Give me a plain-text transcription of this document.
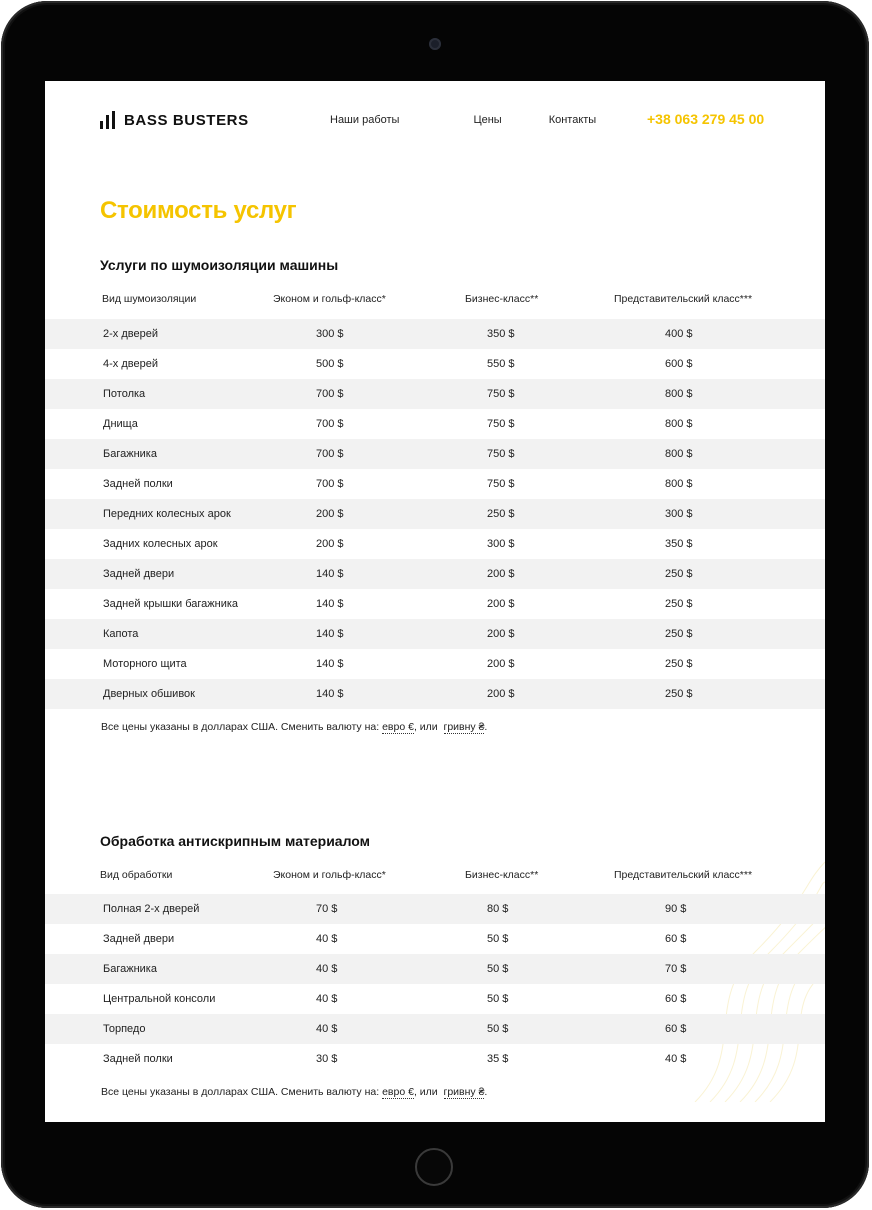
BASS BUSTERS	Наши работы	Цены	Контакты	+38 063 279 45 00
Стоимость услуг
Услуги по шумоизоляции машины
Вид шумоизоляции	Эконом и гольф-класс*	Бизнес-класс**	Представительский класс***
2-х дверей	300 $	350 $	400 $
4-х дверей	500 $	550 $	600 $
Потолка	700 $	750 $	800 $
Днища	700 $	750 $	800 $
Багажника	700 $	750 $	800 $
Задней полки	700 $	750 $	800 $
Передних колесных арок	200 $	250 $	300 $
Задних колесных арок	200 $	300 $	350 $
Задней двери	140 $	200 $	250 $
Задней крышки багажника	140 $	200 $	250 $
Капота	140 $	200 $	250 $
Моторного щита	140 $	200 $	250 $
Дверных обшивок	140 $	200 $	250 $
Все цены указаны в долларах США. Сменить валюту на: евро €, или гривну ₴.
Обработка антискрипным материалом
Вид обработки	Эконом и гольф-класс*	Бизнес-класс**	Представительский класс***
Полная 2-х дверей	70 $	80 $	90 $
Задней двери	40 $	50 $	60 $
Багажника	40 $	50 $	70 $
Центральной консоли	40 $	50 $	60 $
Торпедо	40 $	50 $	60 $
Задней полки	30 $	35 $	40 $
Все цены указаны в долларах США. Сменить валюту на: евро €, или гривну ₴.
